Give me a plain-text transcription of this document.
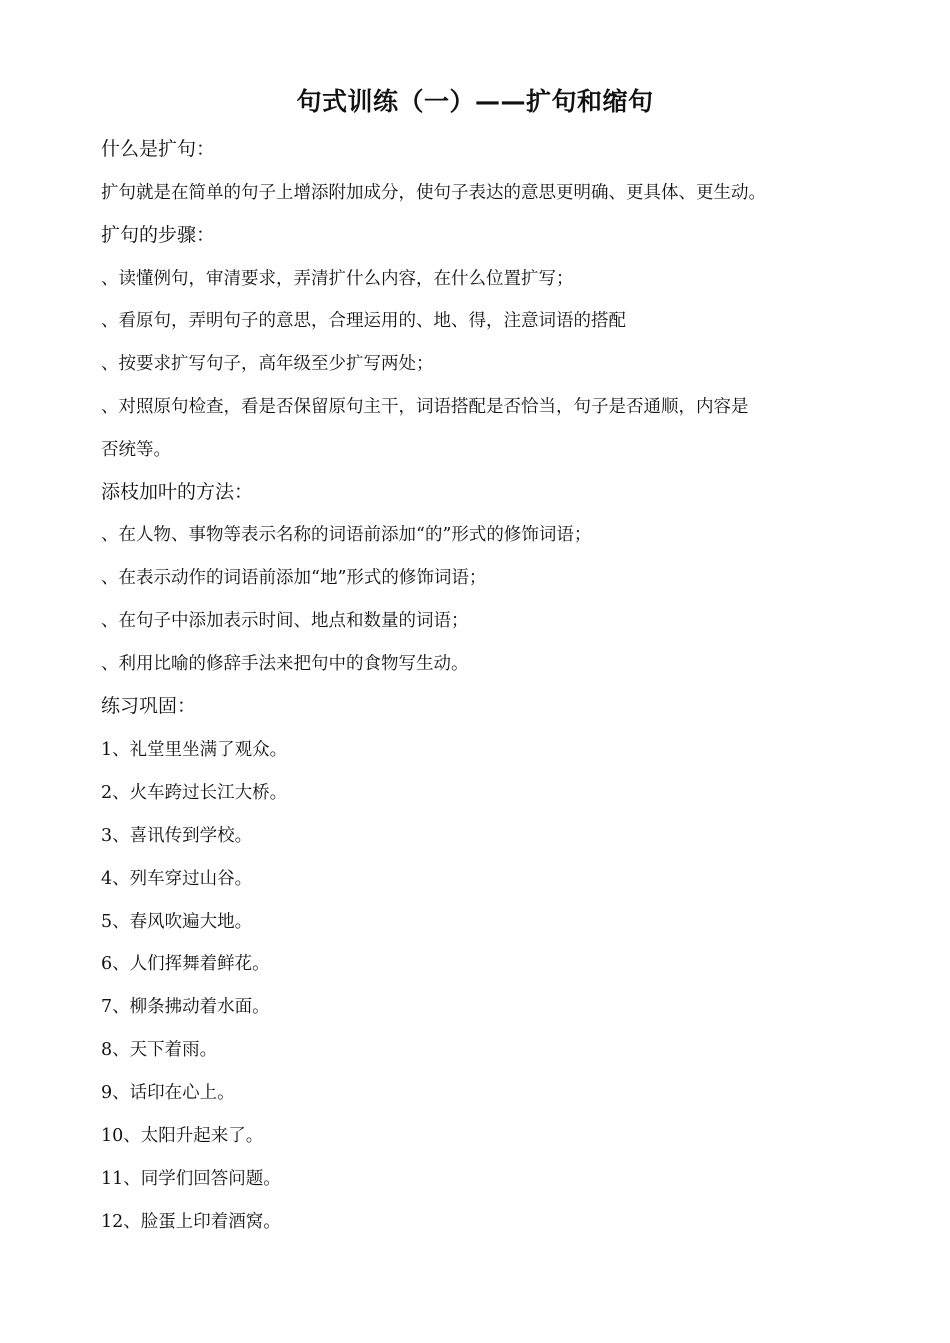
句式训练（一）——扩句和缩句
什么是扩句：
扩句就是在简单的句子上增添附加成分，使句子表达的意思更明确、更具体、更生动。
扩句的步骤：
、读懂例句，审清要求，弄清扩什么内容，在什么位置扩写；
、看原句，弄明句子的意思，合理运用的、地、得，注意词语的搭配
、按要求扩写句子，高年级至少扩写两处；
、对照原句检查，看是否保留原句主干，词语搭配是否恰当，句子是否通顺，内容是
否统等。
添枝加叶的方法：
、在人物、事物等表示名称的词语前添加“的”形式的修饰词语；
、在表示动作的词语前添加“地”形式的修饰词语；
、在句子中添加表示时间、地点和数量的词语；
、利用比喻的修辞手法来把句中的食物写生动。
练习巩固：
1、礼堂里坐满了观众。
2、火车跨过长江大桥。
3、喜讯传到学校。
4、列车穿过山谷。
5、春风吹遍大地。
6、人们挥舞着鲜花。
7、柳条拂动着水面。
8、天下着雨。
9、话印在心上。
10、太阳升起来了。
11、同学们回答问题。
12、脸蛋上印着酒窝。
